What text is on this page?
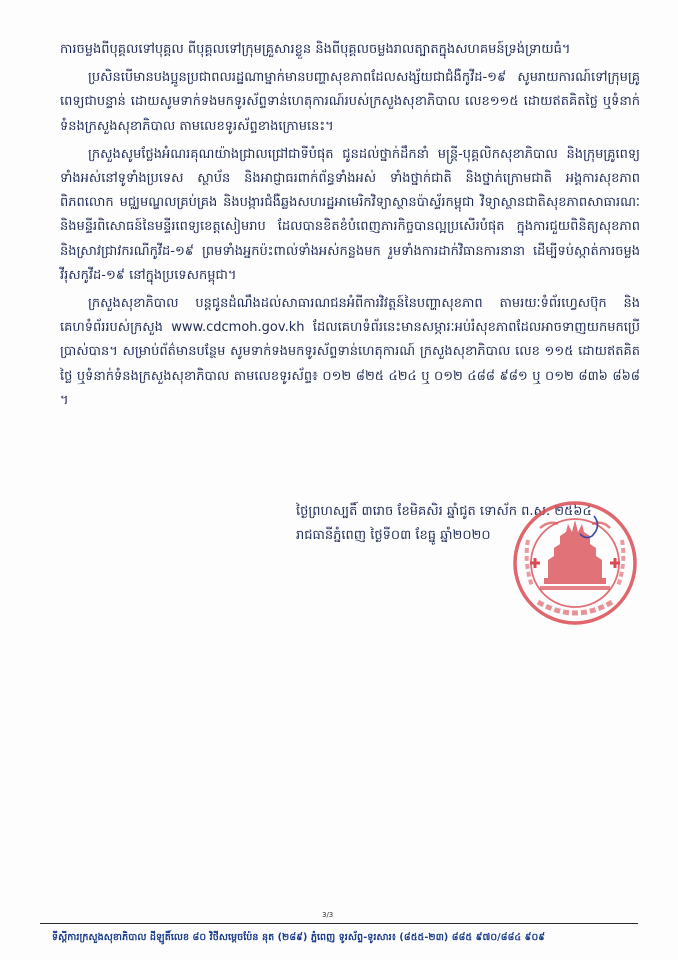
ការចម្លងពីបុគ្គលទៅបុគ្គល ពីបុគ្គលទៅក្រុមគ្រួសារខ្លួន និងពីបុគ្គលចម្លងរាលត្បាតក្នុងសហគមន៍ទ្រង់ទ្រាយធំ។

ប្រសិនបើមានបងប្អូនប្រជាពលរដ្ឋណាម្នាក់មានបញ្ហាសុខភាពដែលសង្ស័យជាជំងឺកូវីដ-១៩ សូមរាយការណ៍ទៅក្រុមគ្រូពេទ្យជាបន្ទាន់ ដោយសូមទាក់ទងមកទូរស័ព្ទទាន់ហេតុការណ៍របស់ក្រសួងសុខាភិបាល លេខ១១៥ ដោយឥតគិតថ្លៃ ឬទំនាក់ទំនងក្រសួងសុខាភិបាល តាមលេខទូរស័ព្ទខាងក្រោមនេះ។

ក្រសួងសូមថ្លែងអំណរគុណយ៉ាងជ្រាលជ្រៅជាទីបំផុត ជូនដល់ថ្នាក់ដឹកនាំ មន្ត្រី-បុគ្គលិកសុខាភិបាល និងក្រុមគ្រូពេទ្យទាំងអស់នៅទូទាំងប្រទេស ស្ថាប័ន និងអាជ្ញាធរពាក់ព័ន្ធទាំងអស់ ទាំងថ្នាក់ជាតិ និងថ្នាក់ក្រោមជាតិ អង្គការសុខភាពពិភពលោក មជ្ឈមណ្ឌលគ្រប់គ្រង និងបង្ការជំងឺឆ្លងសហរដ្ឋអាមេរិកវិទ្យាស្ថានប៉ាស្ទ័រកម្ពុជា វិទ្យាស្ថានជាតិសុខភាពសាធារណៈ និងមន្ទីរពិសោធន៍នៃមន្ទីរពេទ្យខេត្តសៀមរាប ដែលបានខិតខំបំពេញភារកិច្ចបានល្អប្រសើរបំផុត ក្នុងការជួយពិនិត្យសុខភាព និងស្រាវជ្រាវករណីកូវីដ-១៩ ព្រមទាំងអ្នកប៉ះពាល់ទាំងអស់កន្លងមក រួមទាំងការដាក់វិធានការនានា ដើម្បីទប់ស្កាត់ការចម្លងវីរុសកូវីដ-១៩ នៅក្នុងប្រទេសកម្ពុជា។

ក្រសួងសុខាភិបាល បន្តជូនដំណឹងដល់សាធារណជនអំពីការវិវត្តន៍នៃបញ្ហាសុខភាព តាមរយៈទំព័រហ្វេសប៊ុក និងគេហទំព័ររបស់ក្រសួង www.cdcmoh.gov.kh ដែលគេហទំព័រនេះមានសម្ភារៈអប់រំសុខភាពដែលអាចទាញយកមកប្រើប្រាស់បាន។ សម្រាប់ព័ត៌មានបន្ថែម សូមទាក់ទងមកទូរស័ព្ទទាន់ហេតុការណ៍ ក្រសួងសុខាភិបាល លេខ ១១៥ ដោយឥតគិតថ្លៃ ឬទំនាក់ទំនងក្រសួងសុខាភិបាល តាមលេខទូរស័ព្ទ៖ ០១២ ៨២៥ ៤២៤ ឬ ០១២ ៤៨៨ ៩៨១ ឬ ០១២ ៨៣៦ ៨៦៨ ។

ថ្ងៃព្រហស្បតិ៍ ៣រោច ខែមិគសិរ ឆ្នាំជូត ទោស័ក ព.ស. ២៥៦៤
រាជធានីភ្នំពេញ ថ្ងៃទី០៣ ខែធ្នូ ឆ្នាំ២០២០
3/3
ទីស្តីការក្រសួងសុខាភិបាល ដីឡូតិ៍លេខ ៨០ វិថីសម្តេចប៉ែន នុត (២៨៩) ភ្នំពេញ ទូរស័ព្ទ-ទូរសារ៖ (៨៥៥-២៣) ៨៨៥ ៩៧០/៨៨៤ ៩០៩
